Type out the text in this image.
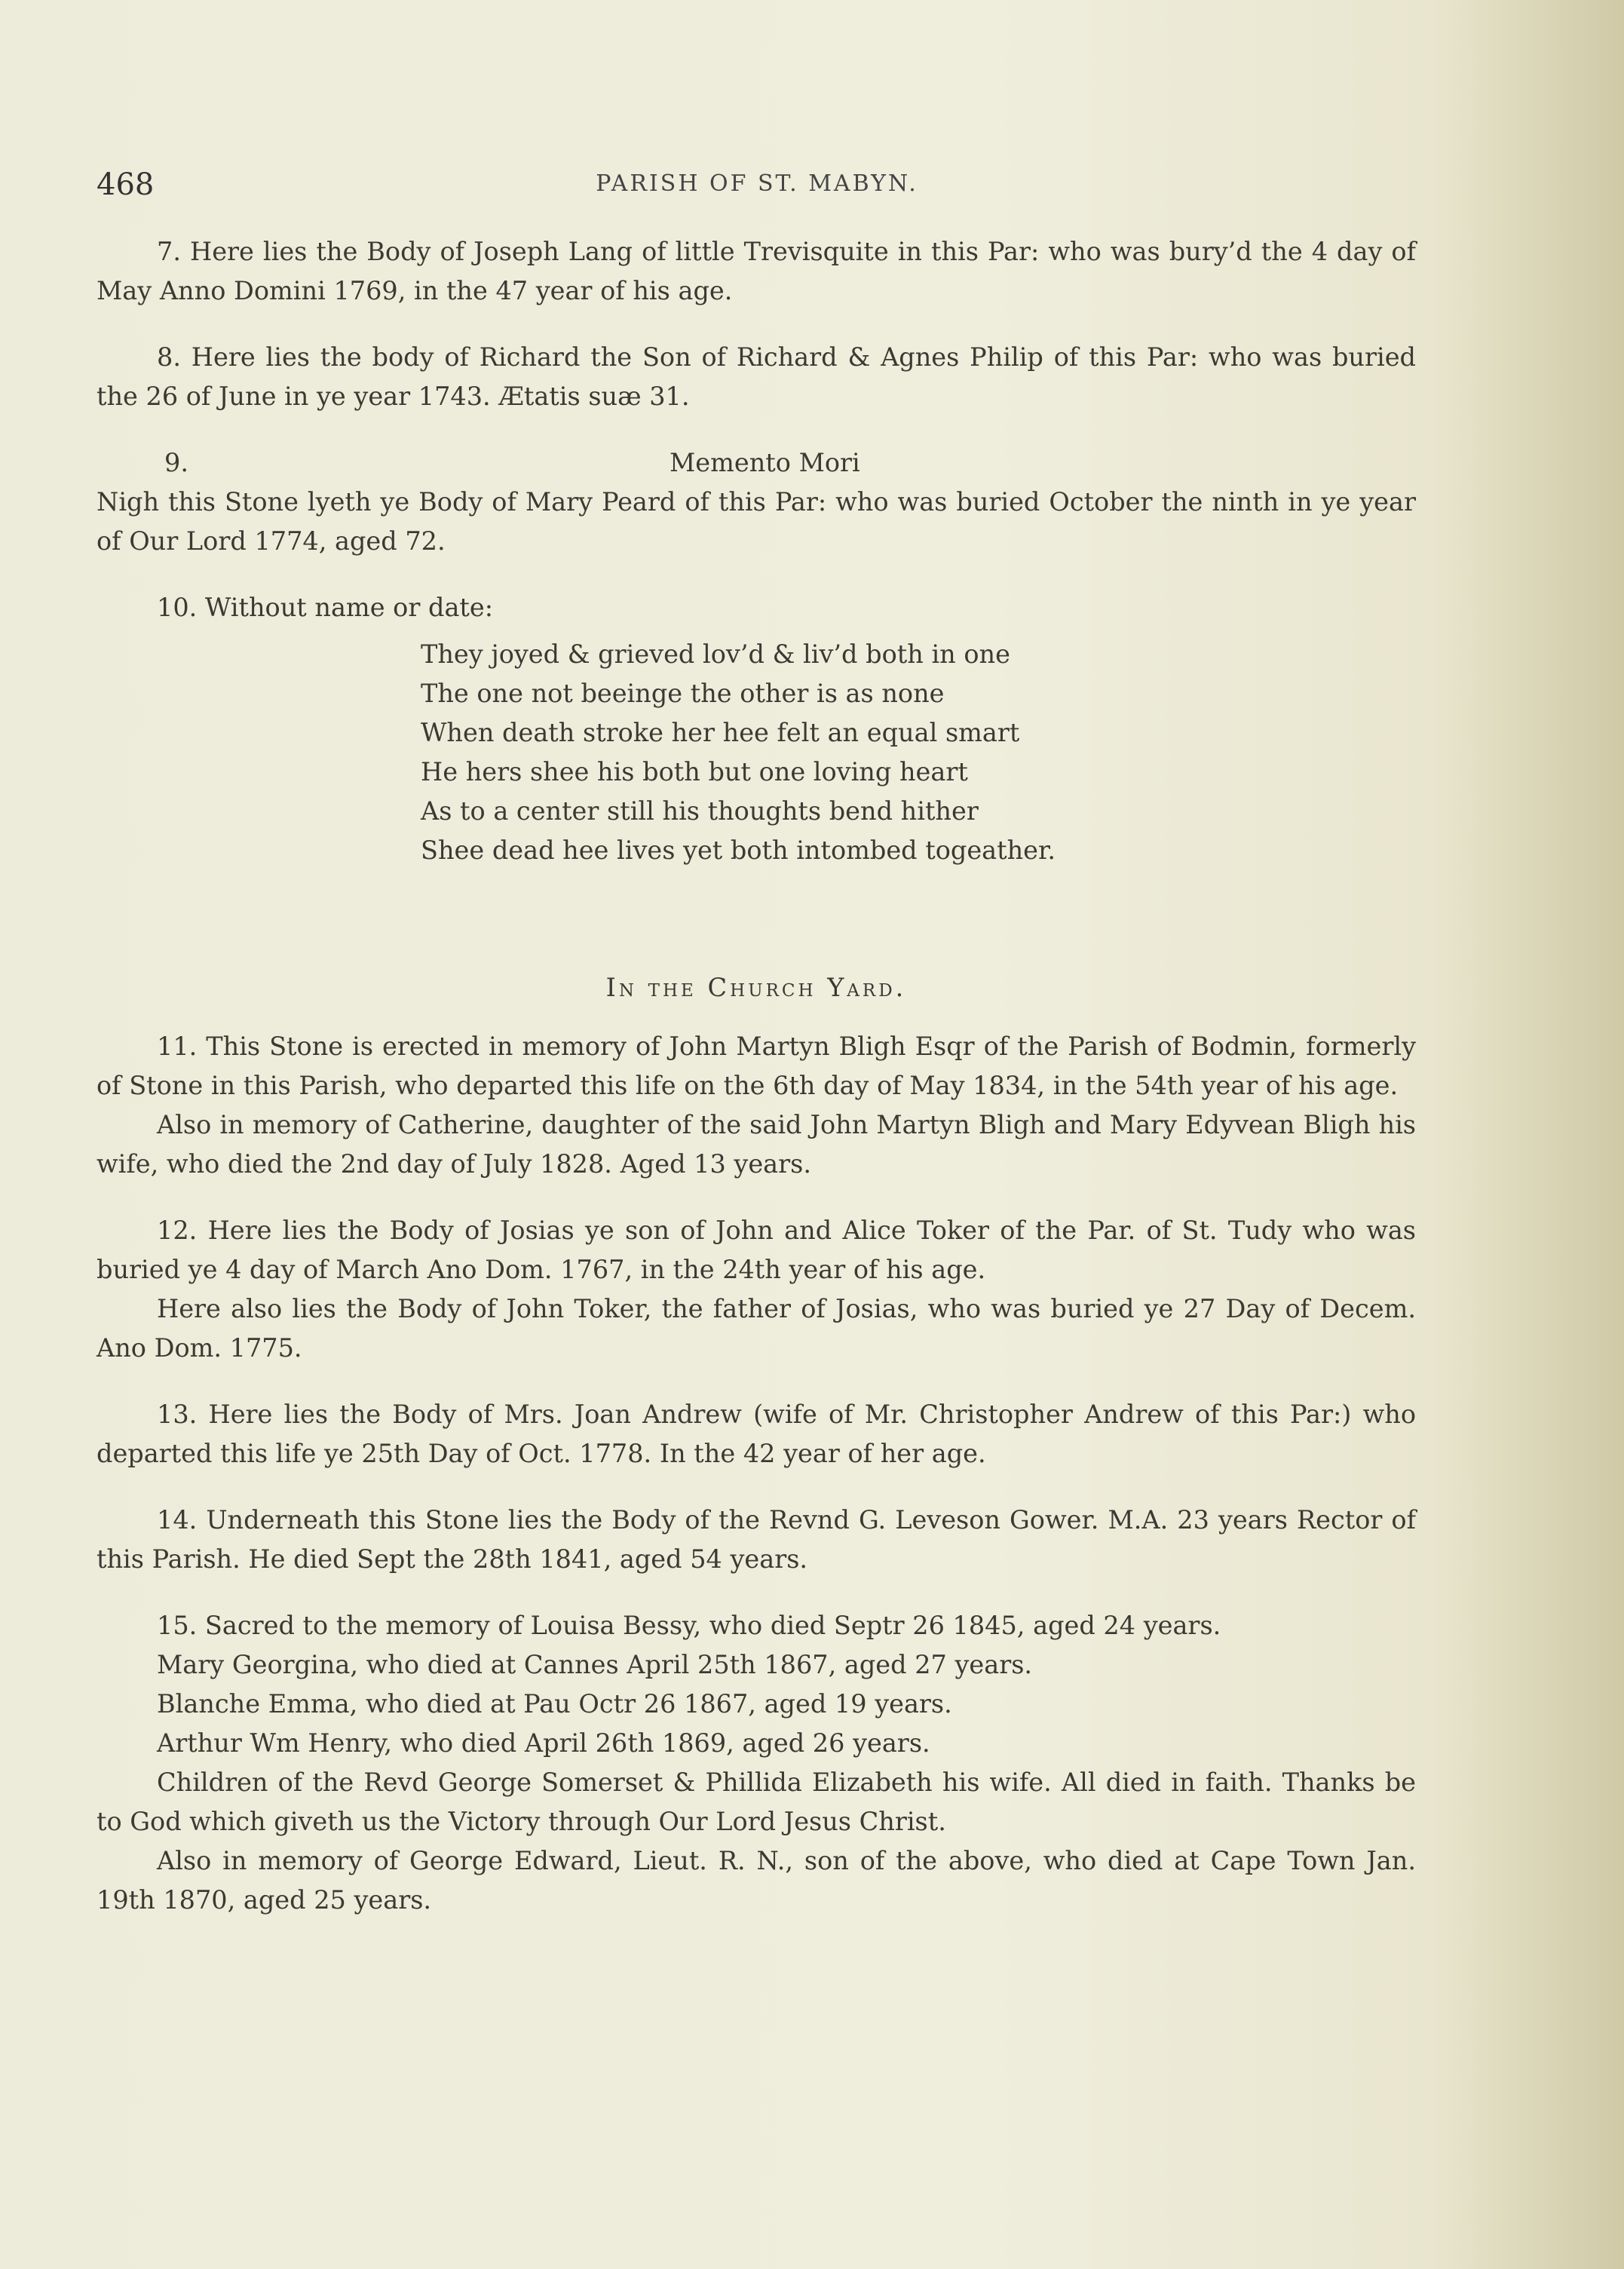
468	PARISH OF ST. MABYN.

7. Here lies the Body of Joseph Lang of little Trevisquite in this Par: who was bury’d the 4 day of May Anno Domini 1769, in the 47 year of his age.

8. Here lies the body of Richard the Son of Richard & Agnes Philip of this Par: who was buried the 26 of June in ye year 1743. Ætatis suæ 31.

9.	Memento Mori

Nigh this Stone lyeth ye Body of Mary Peard of this Par: who was buried October the ninth in ye year of Our Lord 1774, aged 72.

10. Without name or date:

They joyed & grieved lov’d & liv’d both in one
The one not beeinge the other is as none
When death stroke her hee felt an equal smart
He hers shee his both but one loving heart
As to a center still his thoughts bend hither
Shee dead hee lives yet both intombed togeather.
In the Church Yard.

11. This Stone is erected in memory of John Martyn Bligh Esqr of the Parish of Bodmin, formerly of Stone in this Parish, who departed this life on the 6th day of May 1834, in the 54th year of his age.

Also in memory of Catherine, daughter of the said John Martyn Bligh and Mary Edyvean Bligh his wife, who died the 2nd day of July 1828. Aged 13 years.

12. Here lies the Body of Josias ye son of John and Alice Toker of the Par. of St. Tudy who was buried ye 4 day of March Ano Dom. 1767, in the 24th year of his age.

Here also lies the Body of John Toker, the father of Josias, who was buried ye 27 Day of Decem. Ano Dom. 1775.

13. Here lies the Body of Mrs. Joan Andrew (wife of Mr. Christopher Andrew of this Par:) who departed this life ye 25th Day of Oct. 1778. In the 42 year of her age.

14. Underneath this Stone lies the Body of the Revnd G. Leveson Gower. M.A. 23 years Rector of this Parish. He died Sept the 28th 1841, aged 54 years.

15. Sacred to the memory of Louisa Bessy, who died Septr 26 1845, aged 24 years.

Mary Georgina, who died at Cannes April 25th 1867, aged 27 years.

Blanche Emma, who died at Pau Octr 26 1867, aged 19 years.

Arthur Wm Henry, who died April 26th 1869, aged 26 years.

Children of the Revd George Somerset & Phillida Elizabeth his wife. All died in faith. Thanks be to God which giveth us the Victory through Our Lord Jesus Christ.

Also in memory of George Edward, Lieut. R. N., son of the above, who died at Cape Town Jan. 19th 1870, aged 25 years.
